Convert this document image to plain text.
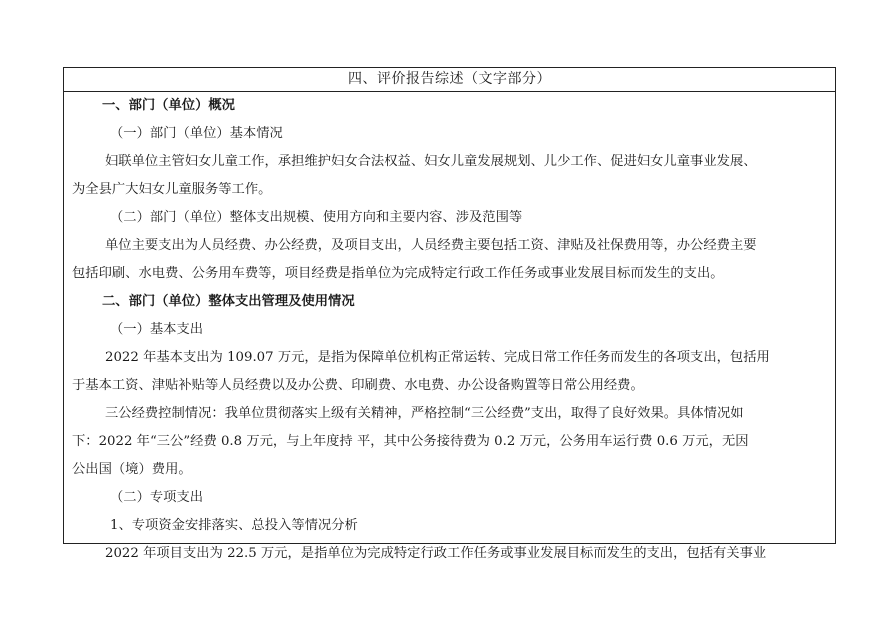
四、评价报告综述（文字部分）
一、部门（单位）概况
（一）部门（单位）基本情况
妇联单位主管妇女儿童工作，承担维护妇女合法权益、妇女儿童发展规划、儿少工作、促进妇女儿童事业发展、
为全县广大妇女儿童服务等工作。
（二）部门（单位）整体支出规模、使用方向和主要内容、涉及范围等
单位主要支出为人员经费、办公经费，及项目支出，人员经费主要包括工资、津贴及社保费用等，办公经费主要
包括印刷、水电费、公务用车费等，项目经费是指单位为完成特定行政工作任务或事业发展目标而发生的支出。
二、部门（单位）整体支出管理及使用情况
（一）基本支出
2022 年基本支出为 109.07 万元，是指为保障单位机构正常运转、完成日常工作任务而发生的各项支出，包括用
于基本工资、津贴补贴等人员经费以及办公费、印刷费、水电费、办公设备购置等日常公用经费。
三公经费控制情况：我单位贯彻落实上级有关精神，严格控制“三公经费”支出，取得了良好效果。具体情况如
下：2022 年“三公”经费 0.8 万元，与上年度持 平，其中公务接待费为 0.2 万元，公务用车运行费 0.6 万元，无因
公出国（境）费用。
（二）专项支出
1、专项资金安排落实、总投入等情况分析
2022 年项目支出为 22.5 万元，是指单位为完成特定行政工作任务或事业发展目标而发生的支出，包括有关事业
